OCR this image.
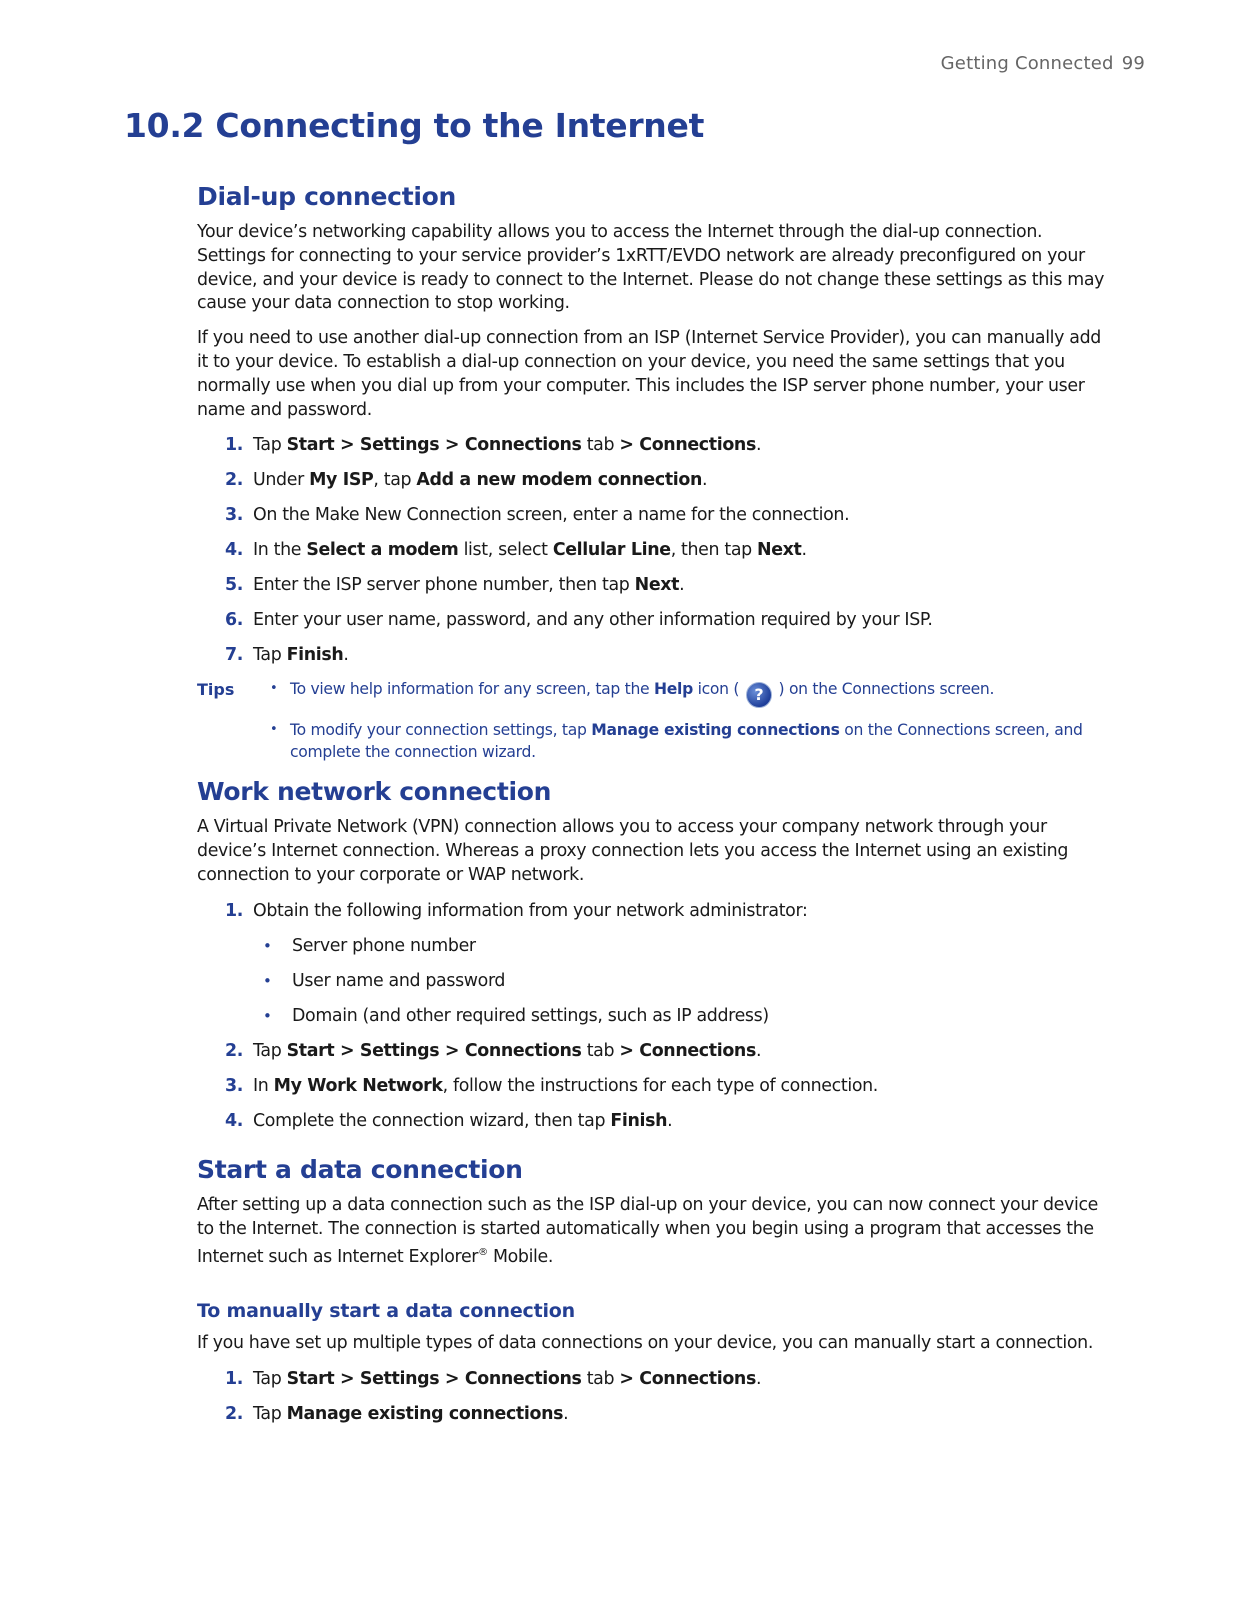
Getting Connected 99
10.2 Connecting to the Internet
Dial-up connection

Your device’s networking capability allows you to access the Internet through the dial-up connection. Settings for connecting to your service provider’s 1xRTT/EVDO network are already preconfigured on your device, and your device is ready to connect to the Internet. Please do not change these settings as this may cause your data connection to stop working.

If you need to use another dial-up connection from an ISP (Internet Service Provider), you can manually add it to your device. To establish a dial-up connection on your device, you need the same settings that you normally use when you dial up from your computer. This includes the ISP server phone number, your user name and password.

1. Tap Start > Settings > Connections tab > Connections.
2. Under My ISP, tap Add a new modem connection.
3. On the Make New Connection screen, enter a name for the connection.
4. In the Select a modem list, select Cellular Line, then tap Next.
5. Enter the ISP server phone number, then tap Next.
6. Enter your user name, password, and any other information required by your ISP.
7. Tap Finish.
Tips	• To view help information for any screen, tap the Help icon ( ? ) on the Connections screen.
• To modify your connection settings, tap Manage existing connections on the Connections screen, and complete the connection wizard.
Work network connection

A Virtual Private Network (VPN) connection allows you to access your company network through your device’s Internet connection. Whereas a proxy connection lets you access the Internet using an existing connection to your corporate or WAP network.

1. Obtain the following information from your network administrator:
• Server phone number
• User name and password
• Domain (and other required settings, such as IP address)
2. Tap Start > Settings > Connections tab > Connections.
3. In My Work Network, follow the instructions for each type of connection.
4. Complete the connection wizard, then tap Finish.
Start a data connection

After setting up a data connection such as the ISP dial-up on your device, you can now connect your device to the Internet. The connection is started automatically when you begin using a program that accesses the Internet such as Internet Explorer® Mobile.

To manually start a data connection

If you have set up multiple types of data connections on your device, you can manually start a connection.

1. Tap Start > Settings > Connections tab > Connections.
2. Tap Manage existing connections.
